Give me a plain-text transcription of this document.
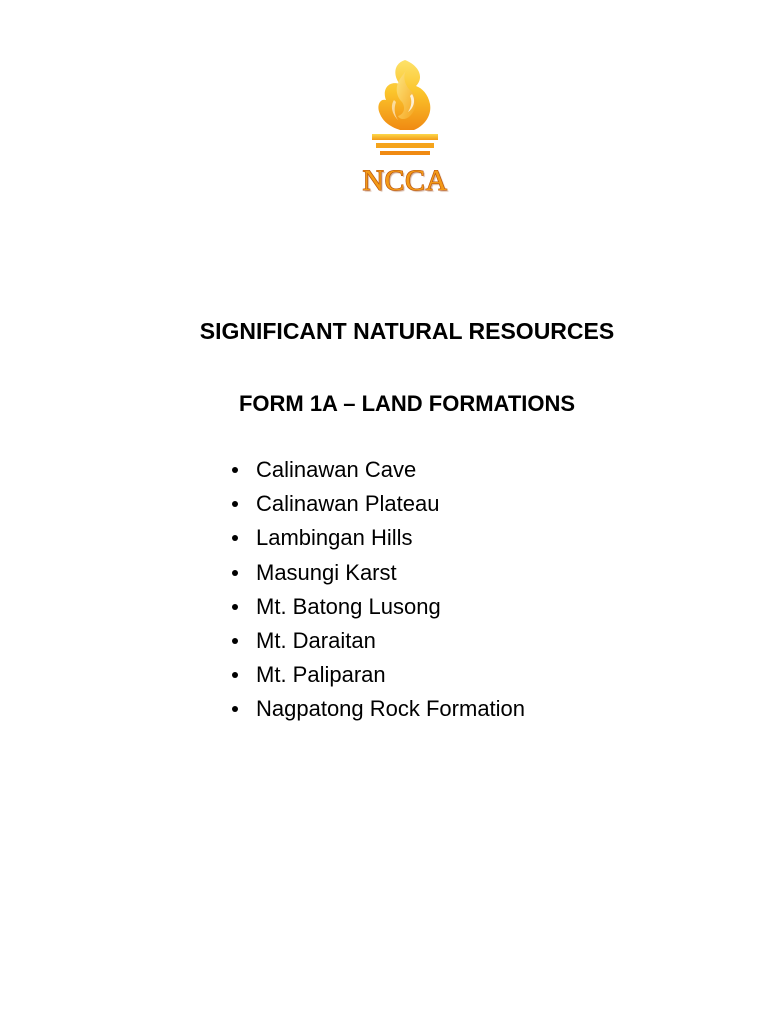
NCCA
SIGNIFICANT NATURAL RESOURCES
FORM 1A – LAND FORMATIONS
Calinawan Cave
Calinawan Plateau
Lambingan Hills
Masungi Karst
Mt. Batong Lusong
Mt. Daraitan
Mt. Paliparan
Nagpatong Rock Formation
